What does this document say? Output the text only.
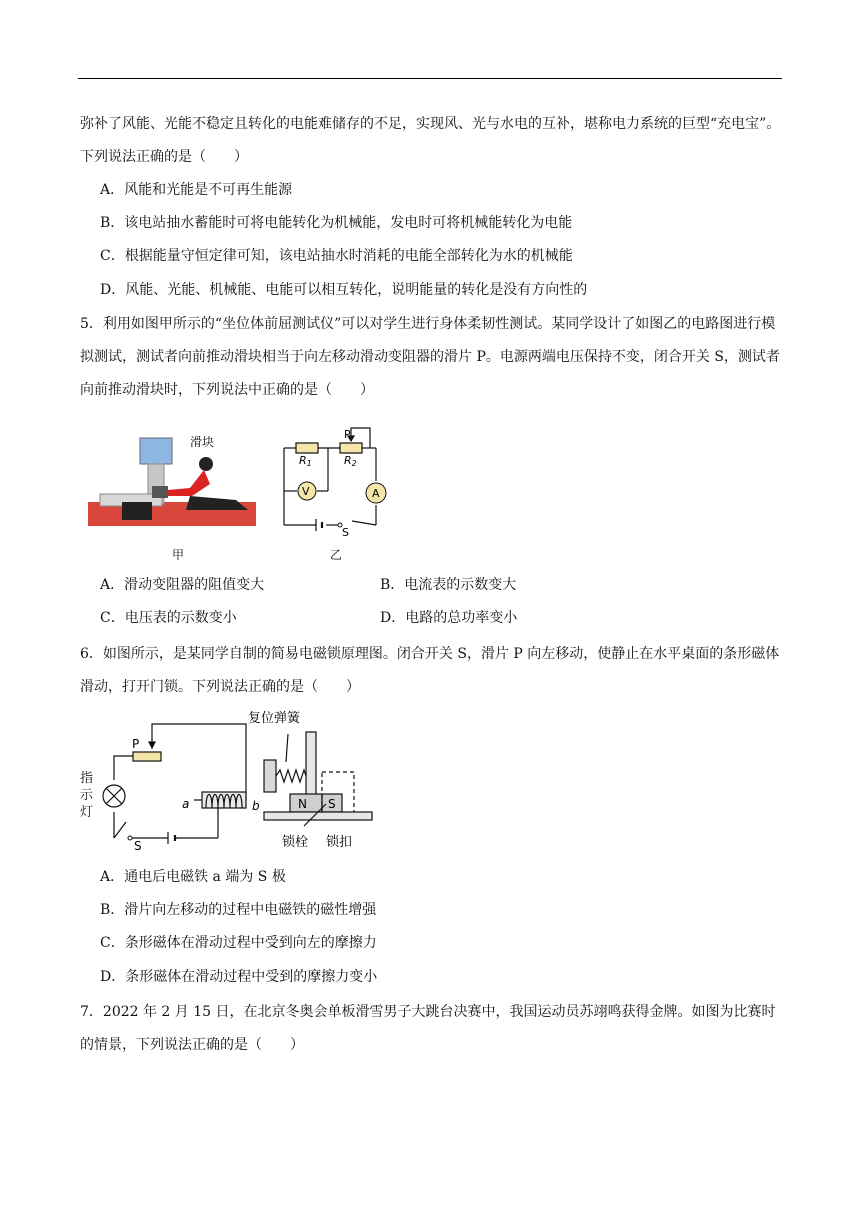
弥补了风能、光能不稳定且转化的电能难储存的不足，实现风、光与水电的互补，堪称电力系统的巨型“充电宝”。下列说法正确的是（　　）

A．风能和光能是不可再生能源
B．该电站抽水蓄能时可将电能转化为机械能，发电时可将机械能转化为电能
C．根据能量守恒定律可知，该电站抽水时消耗的电能全部转化为水的机械能
D．风能、光能、机械能、电能可以相互转化，说明能量的转化是没有方向性的

5．利用如图甲所示的“坐位体前屈测试仪”可以对学生进行身体柔韧性测试。某同学设计了如图乙的电路图进行模拟测试，测试者向前推动滑块相当于向左移动滑动变阻器的滑片 P。电源两端电压保持不变，闭合开关 S，测试者向前推动滑块时，下列说法中正确的是（　　）

滑块
甲
V	A
P
R1	R2
S
乙
A．滑动变阻器的阻值变大	B．电流表的示数变大
C．电压表的示数变小	D．电路的总功率变小

6．如图所示，是某同学自制的简易电磁锁原理图。闭合开关 S，滑片 P 向左移动，使静止在水平桌面的条形磁体滑动，打开门锁。下列说法正确的是（　　）

复位弹簧
P
a	b
S
N S
锁栓 锁扣
指示灯
A．通电后电磁铁 a 端为 S 极
B．滑片向左移动的过程中电磁铁的磁性增强
C．条形磁体在滑动过程中受到向左的摩擦力
D．条形磁体在滑动过程中受到的摩擦力变小

7．2022 年 2 月 15 日，在北京冬奥会单板滑雪男子大跳台决赛中，我国运动员苏翊鸣获得金牌。如图为比赛时的情景，下列说法正确的是（　　）
